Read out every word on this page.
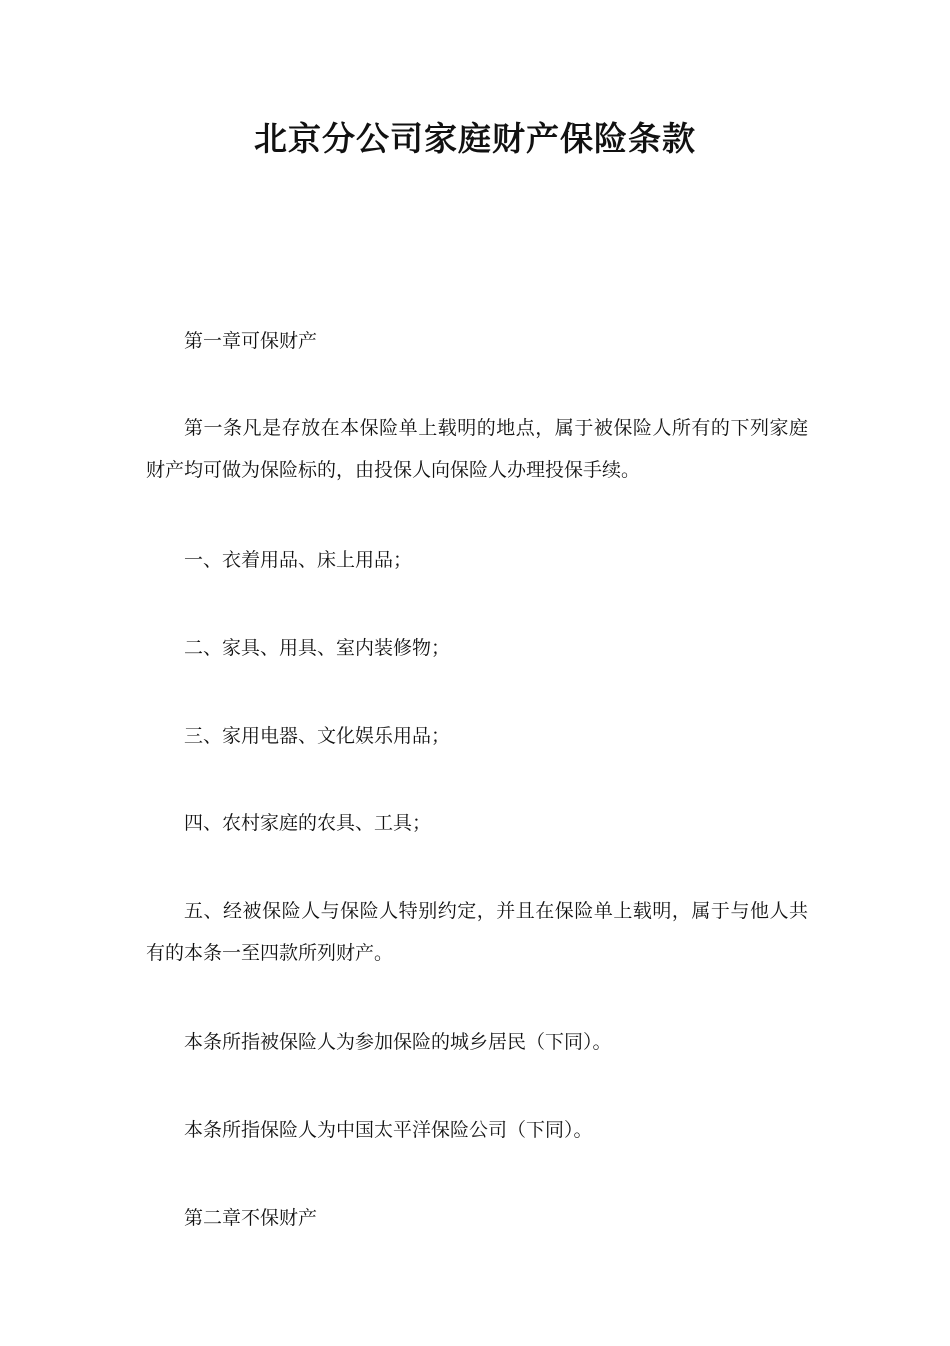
北京分公司家庭财产保险条款

第一章可保财产

第一条凡是存放在本保险单上载明的地点，属于被保险人所有的下列家庭财产均可做为保险标的，由投保人向保险人办理投保手续。

一、衣着用品、床上用品；

二、家具、用具、室内装修物；

三、家用电器、文化娱乐用品；

四、农村家庭的农具、工具；

五、经被保险人与保险人特别约定，并且在保险单上载明，属于与他人共有的本条一至四款所列财产。

本条所指被保险人为参加保险的城乡居民（下同）。

本条所指保险人为中国太平洋保险公司（下同）。

第二章不保财产
